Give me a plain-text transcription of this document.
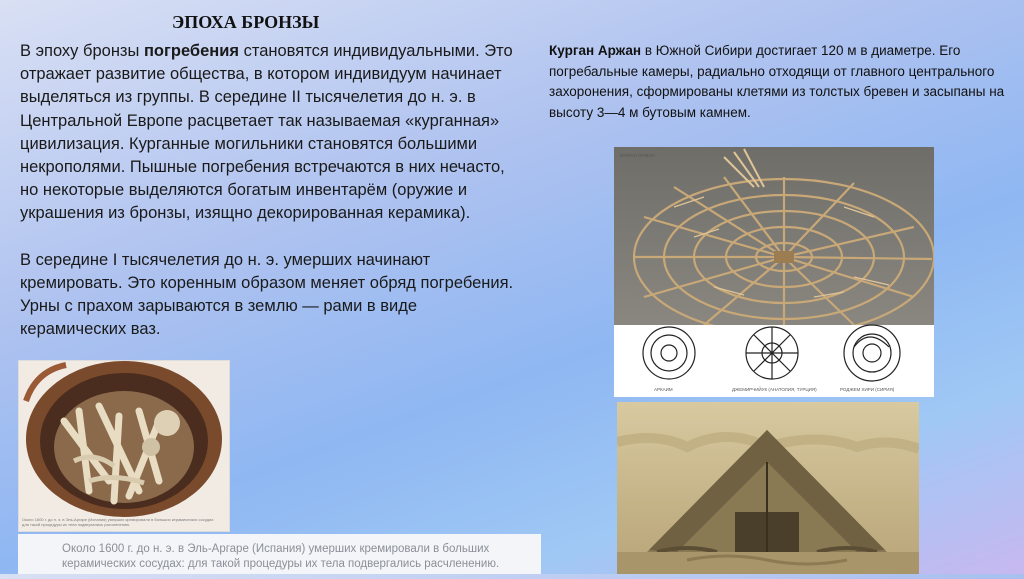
ЭПОХА БРОНЗЫ

В эпоху бронзы погребения становятся индивидуальными. Это отражает развитие общества, в котором индивидуум начинает выделяться из группы. В середине II тысячелетия до н. э. в Центральной Европе расцветает так называемая «курганная» цивилизация. Курганные могильники становятся большими некрополями. Пышные погребения встречаются в них нечасто, но некоторые выделяются богатым инвентарём (оружие и украшения из бронзы, изящно декорированная керамика).

В середине I тысячелетия до н. э. умерших начинают кремировать. Это коренным образом меняет обряд погребения. Урны с прахом зарываются в землю — рами в виде керамических ваз.

Курган Аржан в Южной Сибири достигает 120 м в диаметре. Его погребальные камеры, радиально отходящи от главного центрального захоронения, сформированы клетями из толстых бревен и засыпаны на высоту 3—4 м бутовым камнем.
Около 1600 г. до н. э. в Эль-Аргаре (Испания) умерших кремировали в больших керамических сосудах: для такой процедуры их тела подвергались расчленению.
Около 1600 г. до н. э. в Эль-Аргаре (Испания) умерших кремировали в больших керамических сосудах: для такой процедуры их тела подвергались расчленению.
КУРГАН АРЖАН
АРКАИМ	ДЖЕМИРЧИЙУК (АНАТОЛИЯ, ТУРЦИЯ)	РОДЖЕМ ХИРИ (СИРИЯ)
